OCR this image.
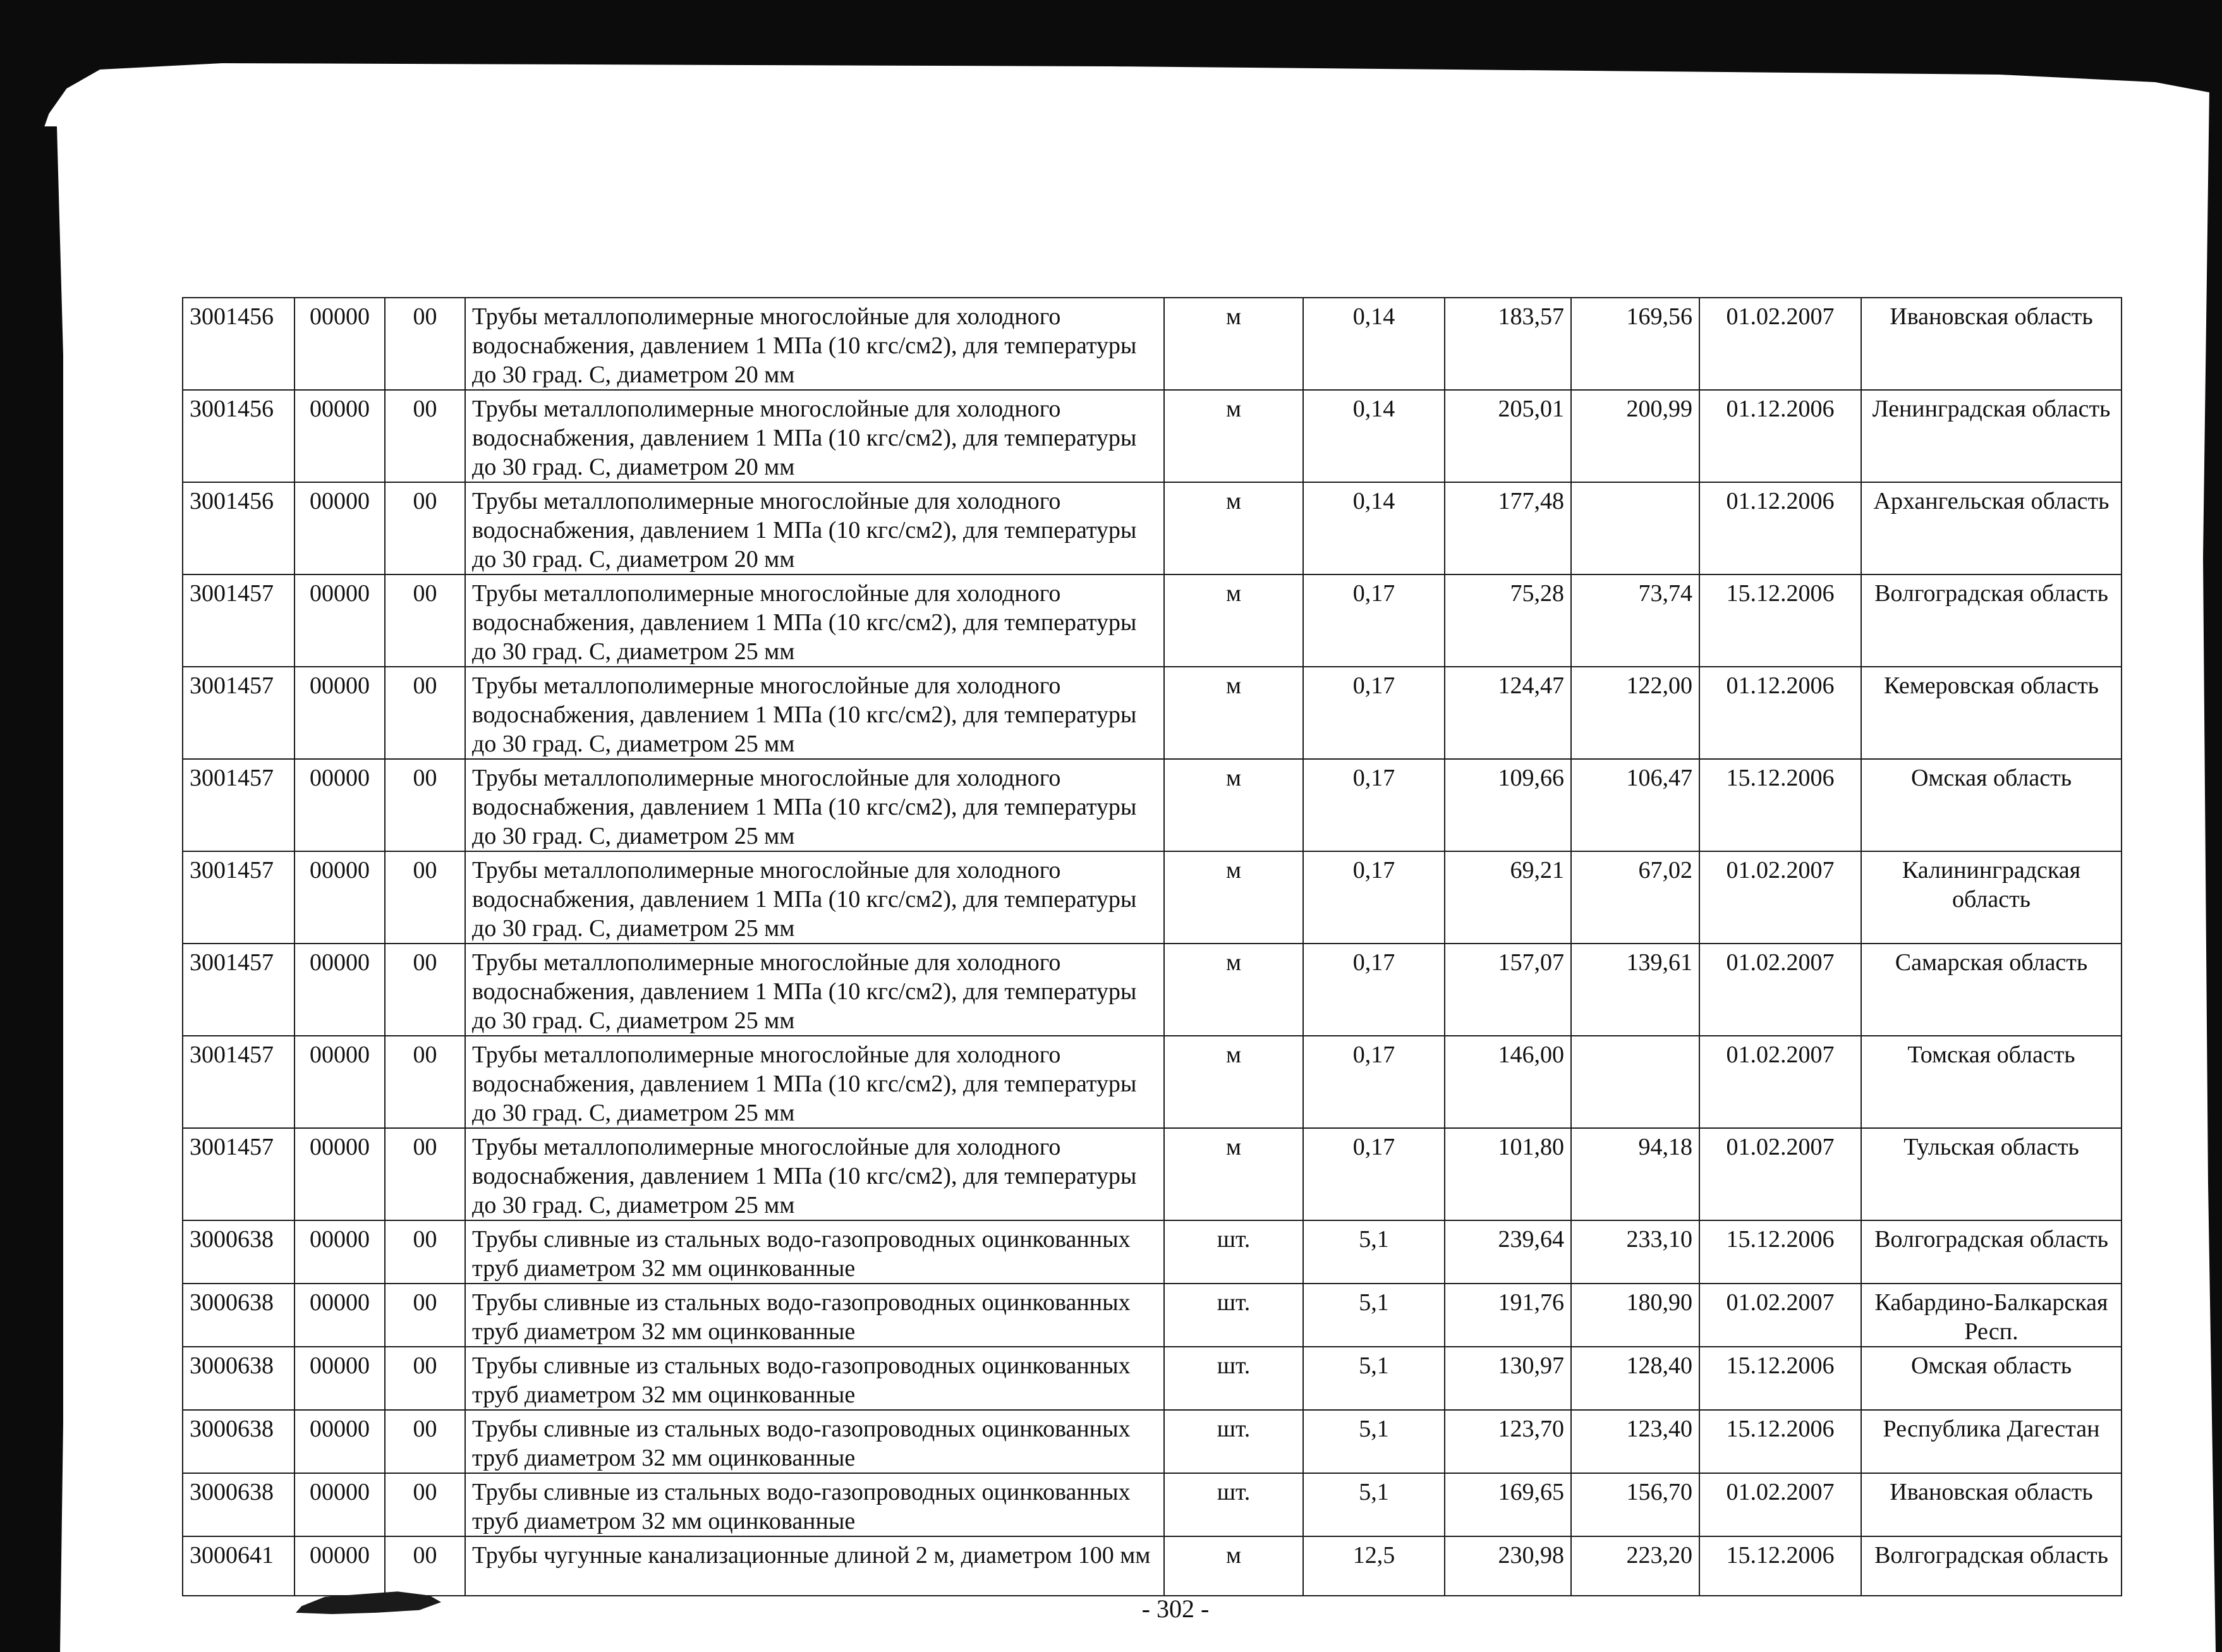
3001456	00000	00	Трубы металлополимерные многослойные для холодного водоснабжения, давлением 1 МПа (10 кгс/см2), для температуры до 30 град. С, диаметром 20 мм	м	0,14	183,57	169,56	01.02.2007	Ивановская область
3001456	00000	00	Трубы металлополимерные многослойные для холодного водоснабжения, давлением 1 МПа (10 кгс/см2), для температуры до 30 град. С, диаметром 20 мм	м	0,14	205,01	200,99	01.12.2006	Ленинградская область
3001456	00000	00	Трубы металлополимерные многослойные для холодного водоснабжения, давлением 1 МПа (10 кгс/см2), для температуры до 30 град. С, диаметром 20 мм	м	0,14	177,48		01.12.2006	Архангельская область
3001457	00000	00	Трубы металлополимерные многослойные для холодного водоснабжения, давлением 1 МПа (10 кгс/см2), для температуры до 30 град. С, диаметром 25 мм	м	0,17	75,28	73,74	15.12.2006	Волгоградская область
3001457	00000	00	Трубы металлополимерные многослойные для холодного водоснабжения, давлением 1 МПа (10 кгс/см2), для температуры до 30 град. С, диаметром 25 мм	м	0,17	124,47	122,00	01.12.2006	Кемеровская область
3001457	00000	00	Трубы металлополимерные многослойные для холодного водоснабжения, давлением 1 МПа (10 кгс/см2), для температуры до 30 град. С, диаметром 25 мм	м	0,17	109,66	106,47	15.12.2006	Омская область
3001457	00000	00	Трубы металлополимерные многослойные для холодного водоснабжения, давлением 1 МПа (10 кгс/см2), для температуры до 30 град. С, диаметром 25 мм	м	0,17	69,21	67,02	01.02.2007	Калининградская область
3001457	00000	00	Трубы металлополимерные многослойные для холодного водоснабжения, давлением 1 МПа (10 кгс/см2), для температуры до 30 град. С, диаметром 25 мм	м	0,17	157,07	139,61	01.02.2007	Самарская область
3001457	00000	00	Трубы металлополимерные многослойные для холодного водоснабжения, давлением 1 МПа (10 кгс/см2), для температуры до 30 град. С, диаметром 25 мм	м	0,17	146,00		01.02.2007	Томская область
3001457	00000	00	Трубы металлополимерные многослойные для холодного водоснабжения, давлением 1 МПа (10 кгс/см2), для температуры до 30 град. С, диаметром 25 мм	м	0,17	101,80	94,18	01.02.2007	Тульская область
3000638	00000	00	Трубы сливные из стальных водо-газопроводных оцинкованных труб диаметром 32 мм оцинкованные	шт.	5,1	239,64	233,10	15.12.2006	Волгоградская область
3000638	00000	00	Трубы сливные из стальных водо-газопроводных оцинкованных труб диаметром 32 мм оцинкованные	шт.	5,1	191,76	180,90	01.02.2007	Кабардино-Балкарская Респ.
3000638	00000	00	Трубы сливные из стальных водо-газопроводных оцинкованных труб диаметром 32 мм оцинкованные	шт.	5,1	130,97	128,40	15.12.2006	Омская область
3000638	00000	00	Трубы сливные из стальных водо-газопроводных оцинкованных труб диаметром 32 мм оцинкованные	шт.	5,1	123,70	123,40	15.12.2006	Республика Дагестан
3000638	00000	00	Трубы сливные из стальных водо-газопроводных оцинкованных труб диаметром 32 мм оцинкованные	шт.	5,1	169,65	156,70	01.02.2007	Ивановская область
3000641	00000	00	Трубы чугунные канализационные длиной 2 м, диаметром 100 мм	м	12,5	230,98	223,20	15.12.2006	Волгоградская область
- 302 -
